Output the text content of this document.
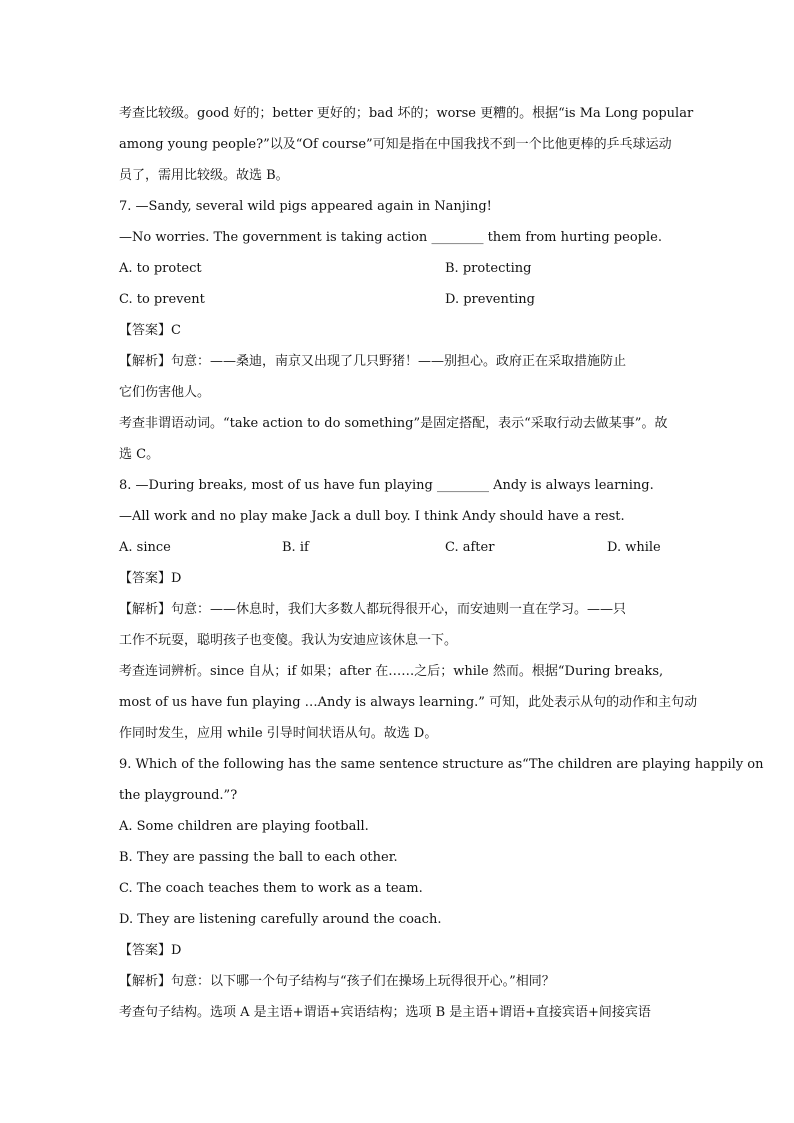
考查比较级。good 好的；better 更好的；bad 坏的；worse 更糟的。根据“is Ma Long popular
among young people?”以及“Of course”可知是指在中国我找不到一个比他更棒的乒乓球运动
员了，需用比较级。故选 B。
7. —Sandy, several wild pigs appeared again in Nanjing!
—No worries. The government is taking action ________ them from hurting people.
A. to protect	B. protecting
C. to prevent	D. preventing
【答案】C
【解析】句意：——桑迪，南京又出现了几只野猪！——别担心。政府正在采取措施防止
它们伤害他人。
考查非谓语动词。“take action to do something”是固定搭配，表示“采取行动去做某事”。故
选 C。
8. —During breaks, most of us have fun playing ________ Andy is always learning.
—All work and no play make Jack a dull boy. I think Andy should have a rest.
A. since	B. if	C. after	D. while
【答案】D
【解析】句意：——休息时，我们大多数人都玩得很开心，而安迪则一直在学习。——只
工作不玩耍，聪明孩子也变傻。我认为安迪应该休息一下。
考查连词辨析。since 自从；if 如果；after 在……之后；while 然而。根据“During breaks,
most of us have fun playing …Andy is always learning.” 可知，此处表示从句的动作和主句动
作同时发生，应用 while 引导时间状语从句。故选 D。
9. Which of the following has the same sentence structure as“The children are playing happily on
the playground.”?
A. Some children are playing football.
B. They are passing the ball to each other.
C. The coach teaches them to work as a team.
D. They are listening carefully around the coach.
【答案】D
【解析】句意：以下哪一个句子结构与“孩子们在操场上玩得很开心。”相同？
考查句子结构。选项 A 是主语+谓语+宾语结构；选项 B 是主语+谓语+直接宾语+间接宾语
